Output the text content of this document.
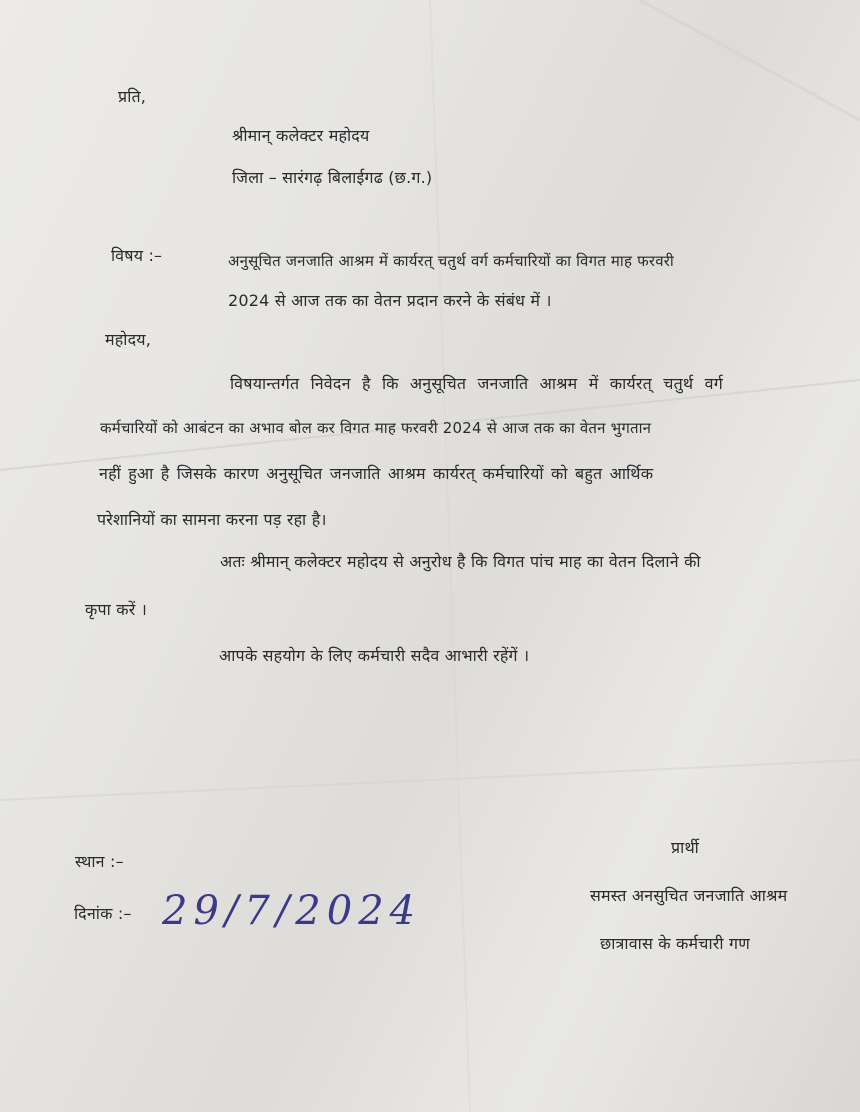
प्रति,
श्रीमान् कलेक्टर महोदय
जिला – सारंगढ़ बिलाईगढ (छ.ग.)
विषय :–	अनुसूचित जनजाति आश्रम में कार्यरत् चतुर्थ वर्ग कर्मचारियों का विगत माह फरवरी
2024 से आज तक का वेतन प्रदान करने के संबंध में ।
महोदय,
विषयान्तर्गत निवेदन है कि अनुसूचित जनजाति आश्रम में कार्यरत् चतुर्थ वर्ग
कर्मचारियों को आबंटन का अभाव बोल कर विगत माह फरवरी 2024 से आज तक का वेतन भुगतान
नहीं हुआ है जिसके कारण अनुसूचित जनजाति आश्रम कार्यरत् कर्मचारियों को बहुत आर्थिक
परेशानियों का सामना करना पड़ रहा है।
अतः श्रीमान् कलेक्टर महोदय से अनुरोध है कि विगत पांच माह का वेतन दिलाने की
कृपा करें ।
आपके सहयोग के लिए कर्मचारी सदैव आभारी रहेंगें ।
प्रार्थी
स्थान :–
समस्त अनसुचित जनजाति आश्रम
दिनांक :– 29/7/2024
छात्रावास के कर्मचारी गण
